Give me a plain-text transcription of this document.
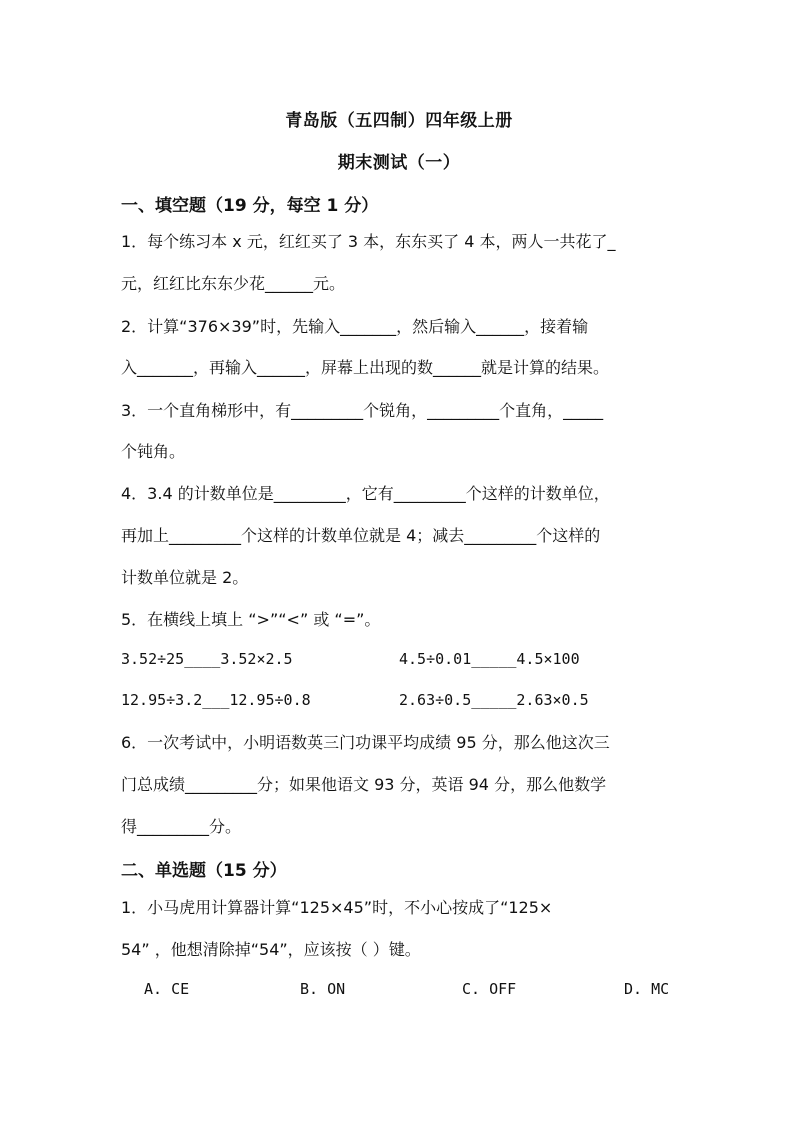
青岛版（五四制）四年级上册
期末测试（一）
一、填空题（19 分，每空 1 分）
1．每个练习本 x 元，红红买了 3 本，东东买了 4 本，两人一共花了_
元，红红比东东少花______元。
2．计算“376×39”时，先输入_______，然后输入______，接着输
入_______，再输入______，屏幕上出现的数______就是计算的结果。
3．一个直角梯形中，有_________个锐角，_________个直角，_____
个钝角。
4．3.4 的计数单位是_________，它有_________个这样的计数单位，
再加上_________个这样的计数单位就是 4；减去_________个这样的
计数单位就是 2。
5．在横线上填上 “>”“<” 或 “=”。
3.52÷25____3.52×2.5	4.5÷0.01_____4.5×100
12.95÷3.2___12.95÷0.8	2.63÷0.5_____2.63×0.5
6．一次考试中，小明语数英三门功课平均成绩 95 分，那么他这次三
门总成绩_________分；如果他语文 93 分，英语 94 分，那么他数学
得_________分。
二、单选题（15 分）
1．小马虎用计算器计算“125×45”时，不小心按成了“125×
54” ，他想清除掉“54”，应该按（ ）键。
A. CE	B. ON	C. OFF	D. MC
